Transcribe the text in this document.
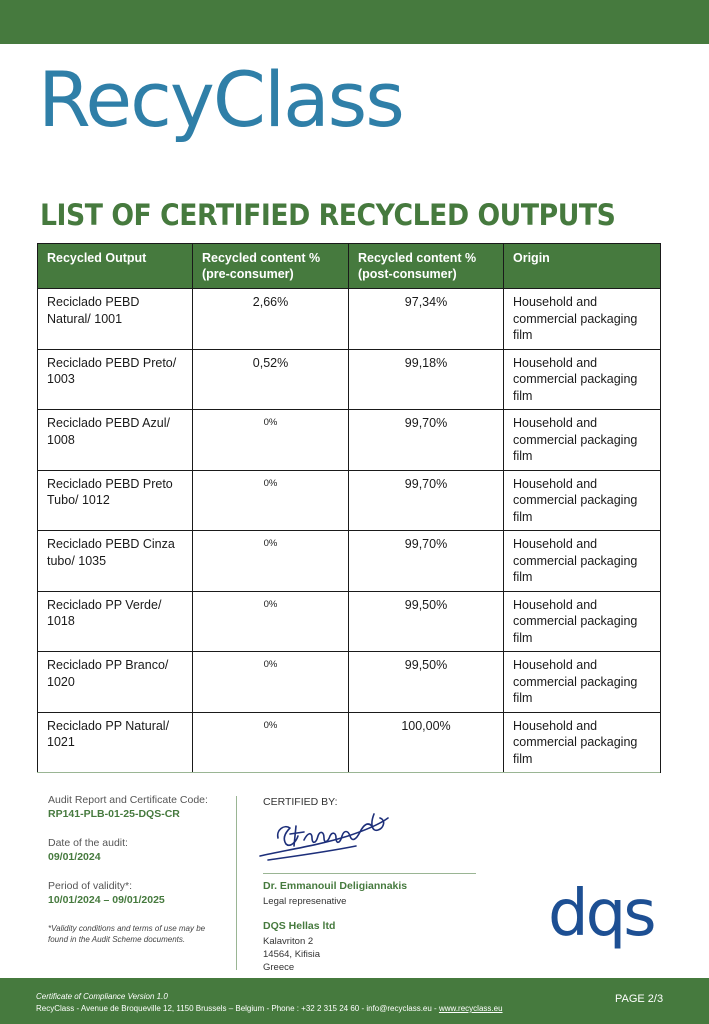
RecyClass
LIST OF CERTIFIED RECYCLED OUTPUTS
Recycled Output	Recycled content % (pre-consumer)	Recycled content % (post-consumer)	Origin
Reciclado PEBD Natural/ 1001	2,66%	97,34%	Household and commercial packaging film
Reciclado PEBD Preto/ 1003	0,52%	99,18%	Household and commercial packaging film
Reciclado PEBD Azul/ 1008	0%	99,70%	Household and commercial packaging film
Reciclado PEBD Preto Tubo/ 1012	0%	99,70%	Household and commercial packaging film
Reciclado PEBD Cinza tubo/ 1035	0%	99,70%	Household and commercial packaging film
Reciclado PP Verde/ 1018	0%	99,50%	Household and commercial packaging film
Reciclado PP Branco/ 1020	0%	99,50%	Household and commercial packaging film
Reciclado PP Natural/ 1021	0%	100,00%	Household and commercial packaging film
Audit Report and Certificate Code:
RP141-PLB-01-25-DQS-CR
Date of the audit:
09/01/2024
Period of validity*:
10/01/2024 – 09/01/2025
*Validity conditions and terms of use may be found in the Audit Scheme documents.
CERTIFIED BY:
Dr. Emmanouil Deligiannakis
Legal represenative
DQS Hellas ltd
Kalavriton 2
14564, Kifisia
Greece
dqs
Certificate of Compliance Version 1.0
RecyClass - Avenue de Broqueville 12, 1150 Brussels – Belgium - Phone : +32 2 315 24 60 - info@recyclass.eu - www.recyclass.eu
PAGE 2/3
